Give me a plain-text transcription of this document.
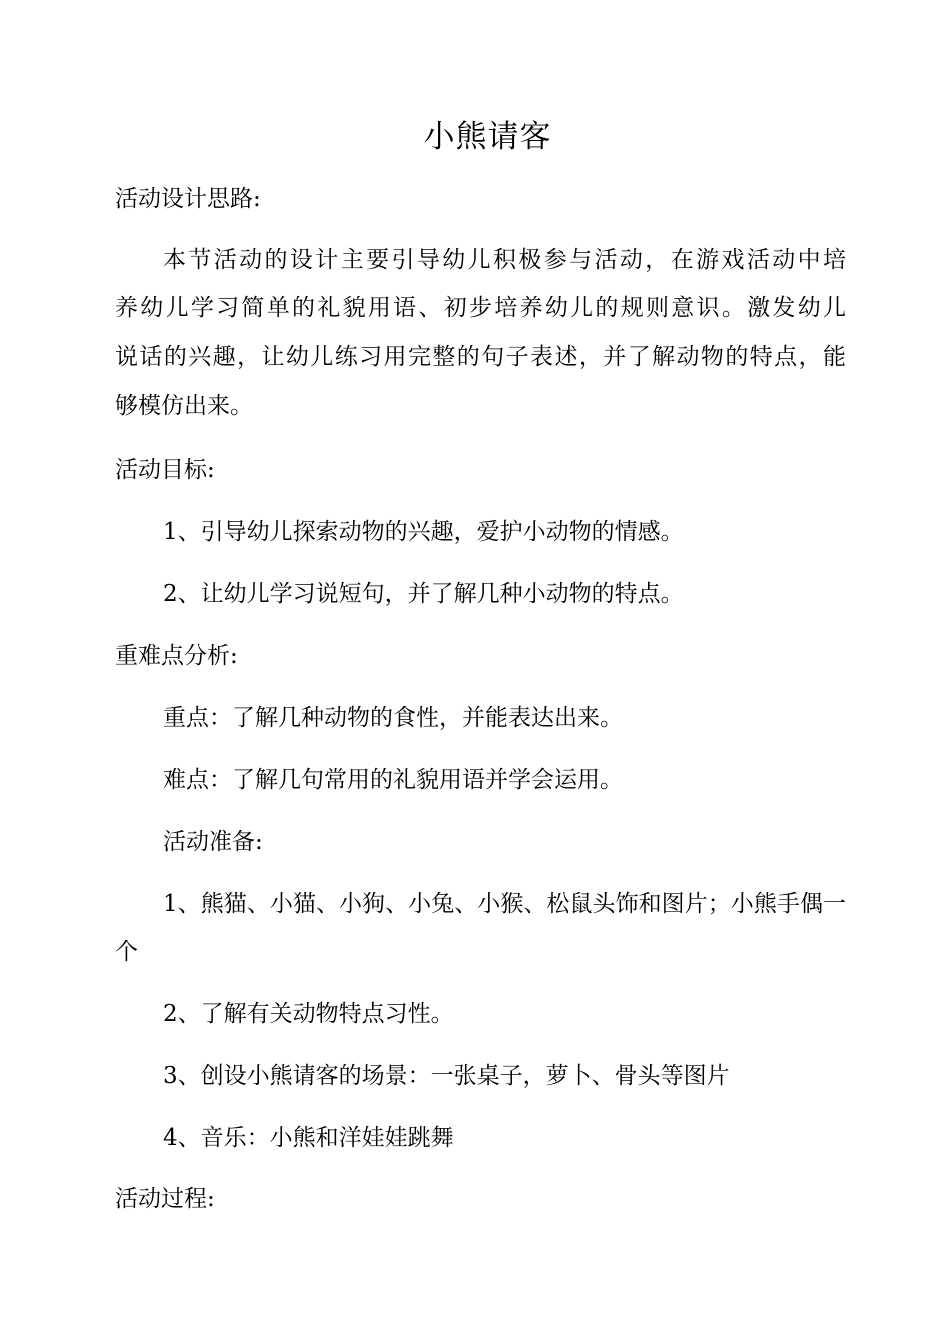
小熊请客
活动设计思路:
本节活动的设计主要引导幼儿积极参与活动，在游戏活动中培
养幼儿学习简单的礼貌用语、初步培养幼儿的规则意识。激发幼儿
说话的兴趣，让幼儿练习用完整的句子表述，并了解动物的特点，能
够模仿出来。
活动目标:
1、引导幼儿探索动物的兴趣，爱护小动物的情感。
2、让幼儿学习说短句，并了解几种小动物的特点。
重难点分析:
重点：了解几种动物的食性，并能表达出来。
难点：了解几句常用的礼貌用语并学会运用。
活动准备:
1、熊猫、小猫、小狗、小兔、小猴、松鼠头饰和图片；小熊手偶一
个
2、了解有关动物特点习性。
3、创设小熊请客的场景：一张桌子，萝卜、骨头等图片
4、音乐：小熊和洋娃娃跳舞
活动过程:
